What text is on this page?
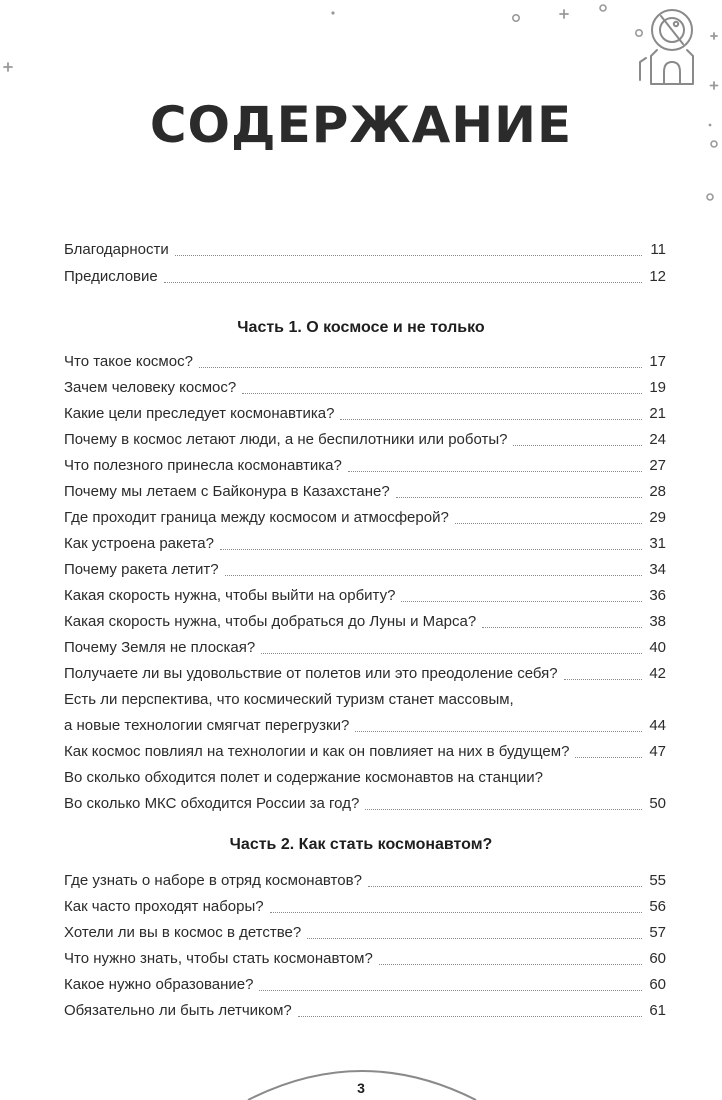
СОДЕРЖАНИЕ
Благодарности	11
Предисловие	12
Часть 1. О космосе и не только
Что такое космос?	17
Зачем человеку космос?	19
Какие цели преследует космонавтика?	21
Почему в космос летают люди, а не беспилотники или роботы?	24
Что полезного принесла космонавтика?	27
Почему мы летаем с Байконура в Казахстане?	28
Где проходит граница между космосом и атмосферой?	29
Как устроена ракета?	31
Почему ракета летит?	34
Какая скорость нужна, чтобы выйти на орбиту?	36
Какая скорость нужна, чтобы добраться до Луны и Марса?	38
Почему Земля не плоская?	40
Получаете ли вы удовольствие от полетов или это преодоление себя?	42
Есть ли перспектива, что космический туризм станет массовым,
а новые технологии смягчат перегрузки?	44
Как космос повлиял на технологии и как он повлияет на них в будущем?	47
Во сколько обходится полет и содержание космонавтов на станции?
Во сколько МКС обходится России за год?	50
Часть 2. Как стать космонавтом?
Где узнать о наборе в отряд космонавтов?	55
Как часто проходят наборы?	56
Хотели ли вы в космос в детстве?	57
Что нужно знать, чтобы стать космонавтом?	60
Какое нужно образование?	60
Обязательно ли быть летчиком?	61
3
